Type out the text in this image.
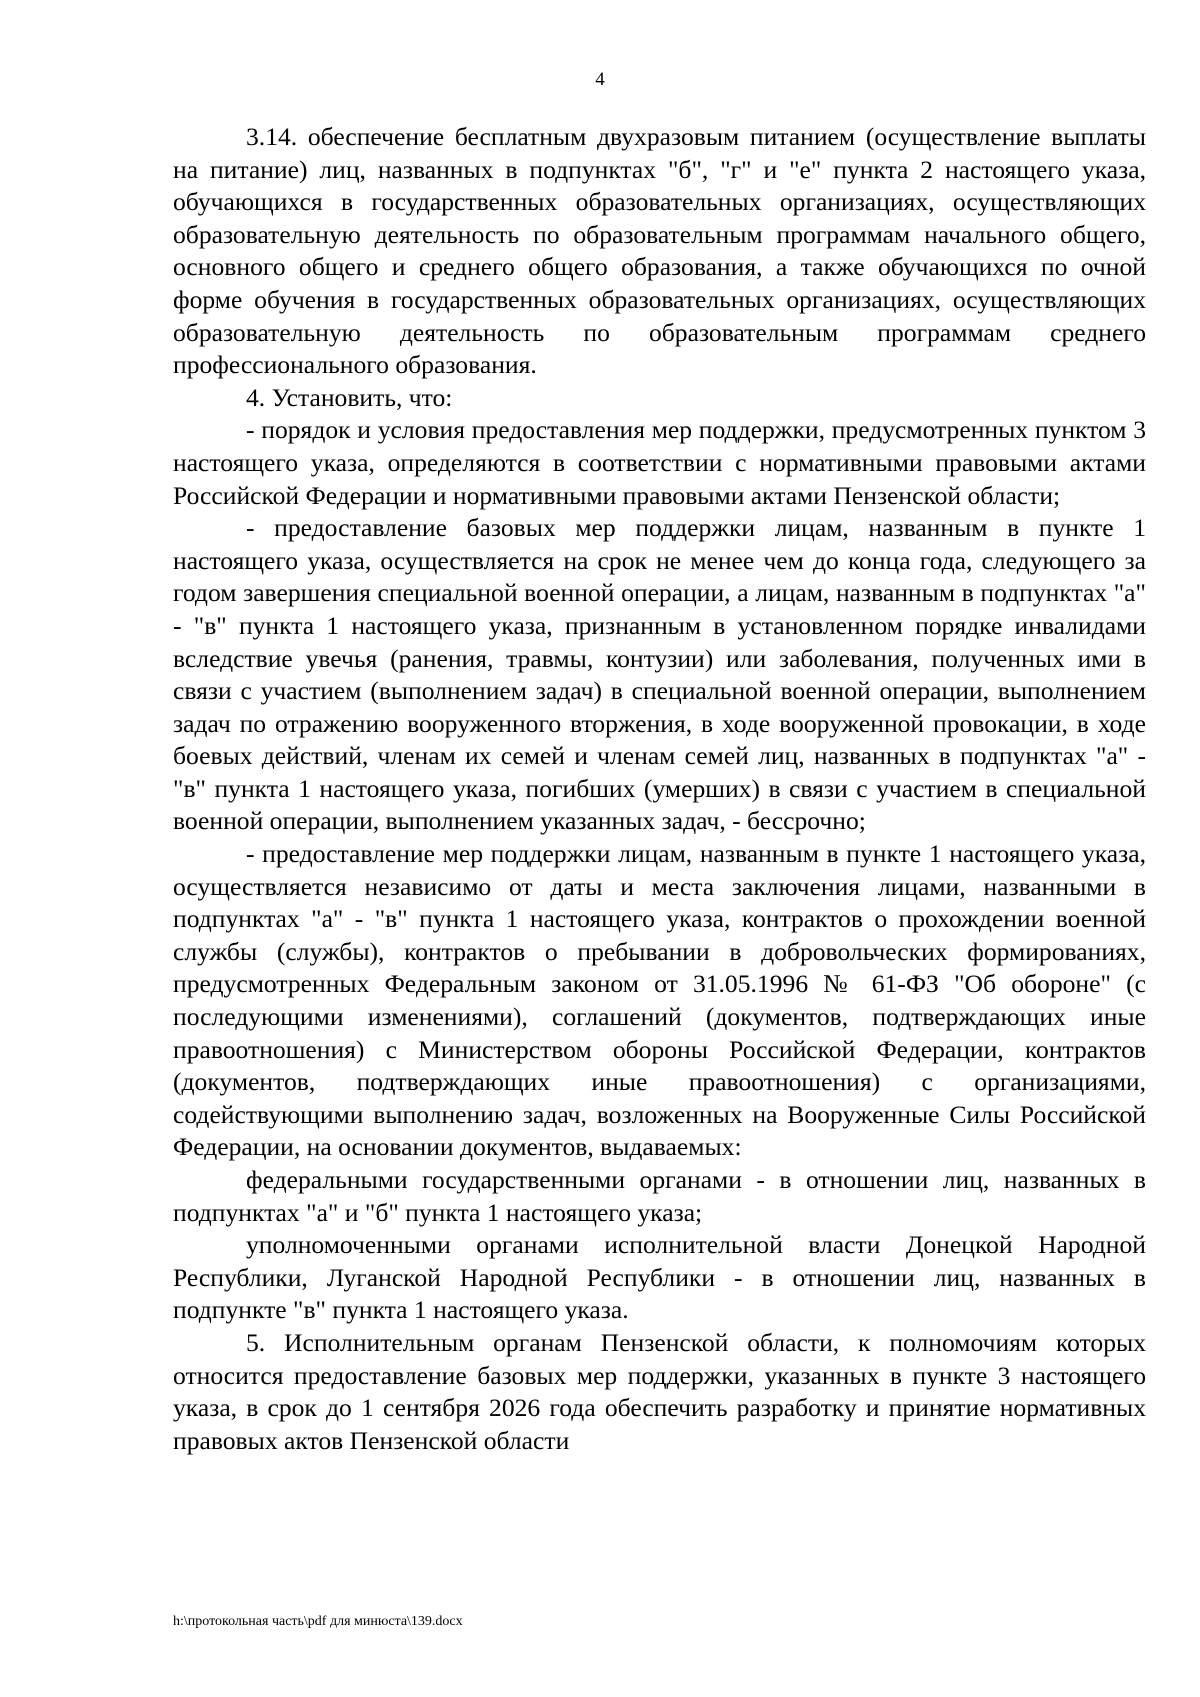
4

3.14. обеспечение бесплатным двухразовым питанием (осуществление выплаты на питание) лиц, названных в подпунктах "б", "г" и "е" пункта 2 настоящего указа, обучающихся в государственных образовательных организациях, осуществляющих образовательную деятельность по образовательным программам начального общего, основного общего и среднего общего образования, а также обучающихся по очной форме обучения в государственных образовательных организациях, осуществляющих образовательную деятельность по образовательным программам среднего профессионального образования.

4. Установить, что:

- порядок и условия предоставления мер поддержки, предусмотренных пунктом 3 настоящего указа, определяются в соответствии с нормативными правовыми актами Российской Федерации и нормативными правовыми актами Пензенской области;

- предоставление базовых мер поддержки лицам, названным в пункте 1 настоящего указа, осуществляется на срок не менее чем до конца года, следующего за годом завершения специальной военной операции, а лицам, названным в подпунктах "а" - "в" пункта 1 настоящего указа, признанным в установленном порядке инвалидами вследствие увечья (ранения, травмы, контузии) или заболевания, полученных ими в связи с участием (выполнением задач) в специальной военной операции, выполнением задач по отражению вооруженного вторжения, в ходе вооруженной провокации, в ходе боевых действий, членам их семей и членам семей лиц, названных в подпунктах "а" - "в" пункта 1 настоящего указа, погибших (умерших) в связи с участием в специальной военной операции, выполнением указанных задач, - бессрочно;

- предоставление мер поддержки лицам, названным в пункте 1 настоящего указа, осуществляется независимо от даты и места заключения лицами, названными в подпунктах "а" - "в" пункта 1 настоящего указа, контрактов о прохождении военной службы (службы), контрактов о пребывании в добровольческих формированиях, предусмотренных Федеральным законом от 31.05.1996 № 61-ФЗ "Об обороне" (с последующими изменениями), соглашений (документов, подтверждающих иные правоотношения) с Министерством обороны Российской Федерации, контрактов (документов, подтверждающих иные правоотношения) с организациями, содействующими выполнению задач, возложенных на Вооруженные Силы Российской Федерации, на основании документов, выдаваемых:

федеральными государственными органами - в отношении лиц, названных в подпунктах "а" и "б" пункта 1 настоящего указа;

уполномоченными органами исполнительной власти Донецкой Народной Республики, Луганской Народной Республики - в отношении лиц, названных в подпункте "в" пункта 1 настоящего указа.

5. Исполнительным органам Пензенской области, к полномочиям которых относится предоставление базовых мер поддержки, указанных в пункте 3 настоящего указа, в срок до 1 сентября 2026 года обеспечить разработку и принятие нормативных правовых актов Пензенской области

h:\протокольная часть\pdf для минюста\139.docx
